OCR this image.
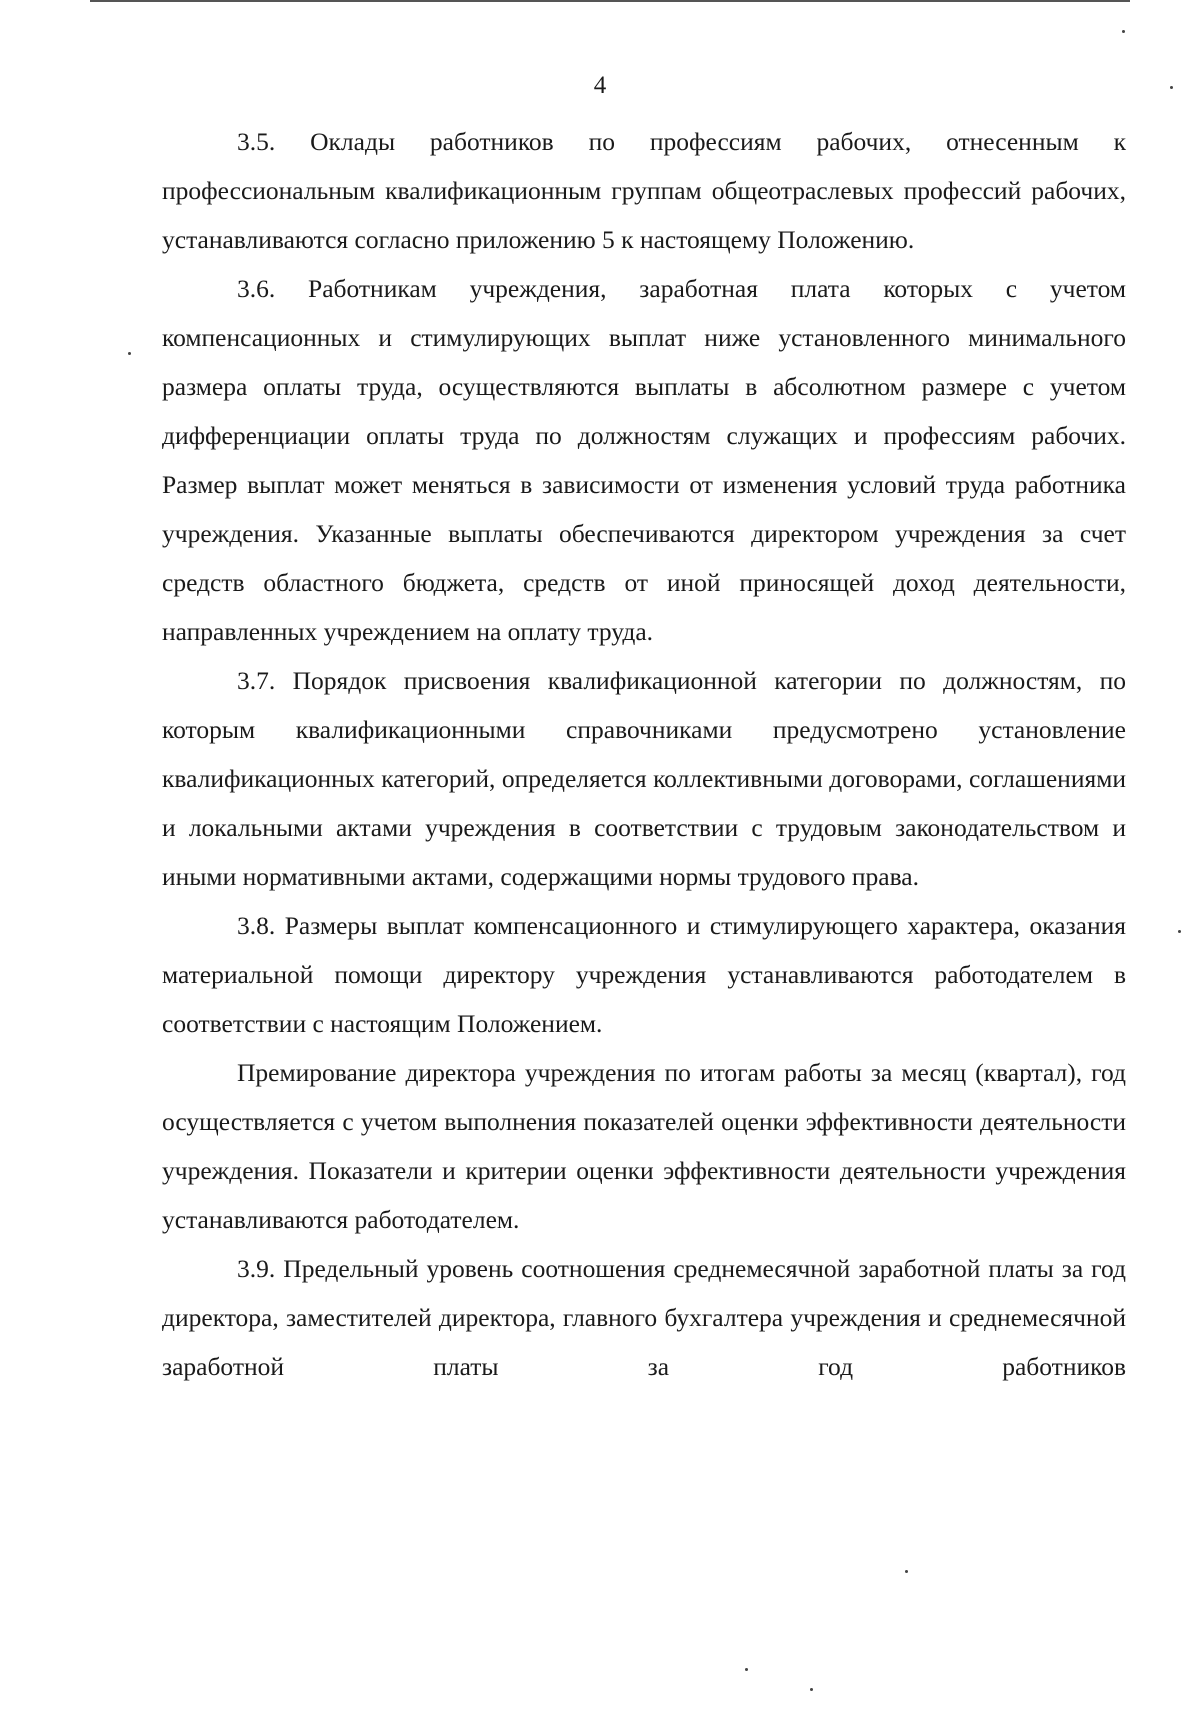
4

3.5. Оклады работников по профессиям рабочих, отнесенным к профессиональным квалификационным группам общеотраслевых профессий рабочих, устанавливаются согласно приложению 5 к настоящему Положению.

3.6. Работникам учреждения, заработная плата которых с учетом компенсационных и стимулирующих выплат ниже установленного минимального размера оплаты труда, осуществляются выплаты в абсолютном размере с учетом дифференциации оплаты труда по должностям служащих и профессиям рабочих. Размер выплат может меняться в зависимости от изменения условий труда работника учреждения. Указанные выплаты обеспечиваются директором учреждения за счет средств областного бюджета, средств от иной приносящей доход деятельности, направленных учреждением на оплату труда.

3.7. Порядок присвоения квалификационной категории по должностям, по которым квалификационными справочниками предусмотрено установление квалификационных категорий, определяется коллективными договорами, соглашениями и локальными актами учреждения в соответствии с трудовым законодательством и иными нормативными актами, содержащими нормы трудового права.

3.8. Размеры выплат компенсационного и стимулирующего характера, оказания материальной помощи директору учреждения устанавливаются работодателем в соответствии с настоящим Положением.

Премирование директора учреждения по итогам работы за месяц (квартал), год осуществляется с учетом выполнения показателей оценки эффективности деятельности учреждения. Показатели и критерии оценки эффективности деятельности учреждения устанавливаются работодателем.

3.9. Предельный уровень соотношения среднемесячной заработной платы за год директора, заместителей директора, главного бухгалтера учреждения и среднемесячной заработной платы за год работников
